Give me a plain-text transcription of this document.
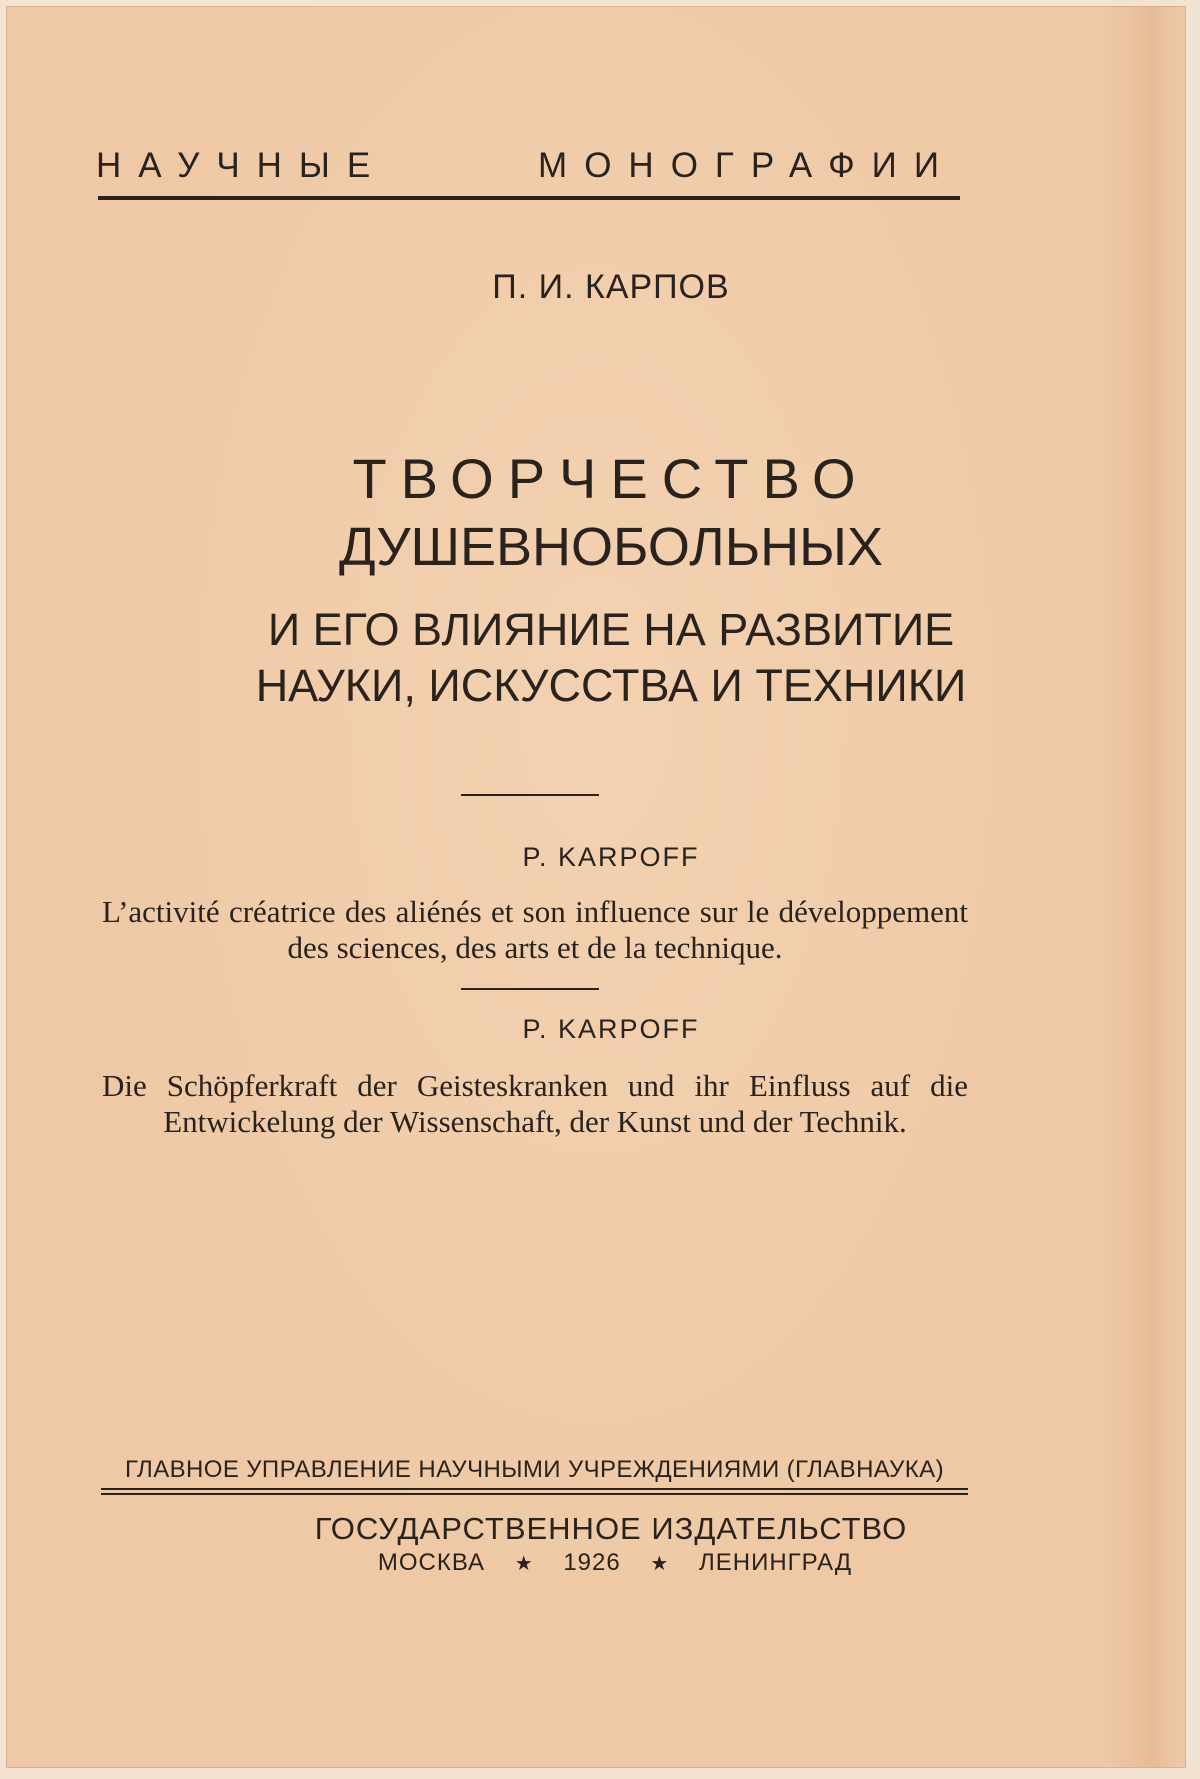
НАУЧНЫЕ	МОНОГРАФИИ
П. И. КАРПОВ
ТВОРЧЕСТВО
ДУШЕВНОБОЛЬНЫХ
И ЕГО ВЛИЯНИЕ НА РАЗВИТИЕ
НАУКИ, ИСКУССТВА И ТЕХНИКИ
P. KARPOFF
L’activité créatrice des aliénés et son influence sur le développement des sciences, des arts et de la technique.
P. KARPOFF
Die Schöpferkraft der Geisteskranken und ihr Einfluss auf die Entwickelung der Wissenschaft, der Kunst und der Technik.
ГЛАВНОЕ УПРАВЛЕНИЕ НАУЧНЫМИ УЧРЕЖДЕНИЯМИ (ГЛАВНАУКА)
ГОСУДАРСТВЕННОЕ ИЗДАТЕЛЬСТВО
МОСКВА ★ 1926 ★ ЛЕНИНГРАД
